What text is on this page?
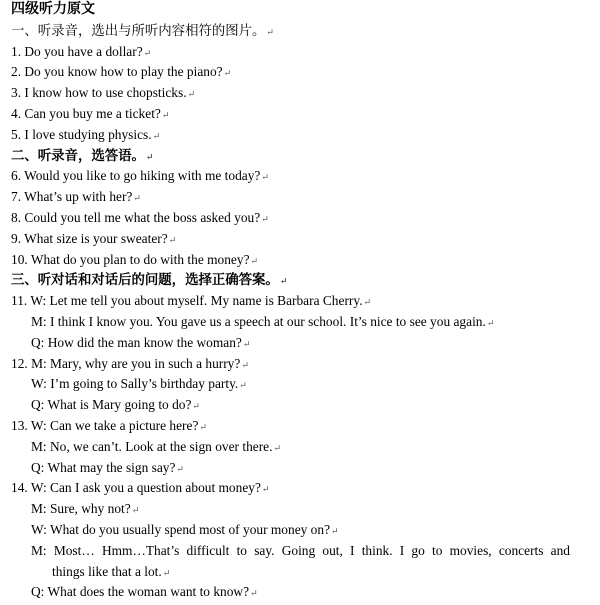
四级听力原文
一、听录音，选出与所听内容相符的图片。↵
1. Do you have a dollar?↵
2. Do you know how to play the piano?↵
3. I know how to use chopsticks.↵
4. Can you buy me a ticket?↵
5. I love studying physics.↵
二、听录音，选答语。↵
6. Would you like to go hiking with me today?↵
7. What’s up with her?↵
8. Could you tell me what the boss asked you?↵
9. What size is your sweater?↵
10. What do you plan to do with the money?↵
三、听对话和对话后的问题，选择正确答案。↵
11. W: Let me tell you about myself. My name is Barbara Cherry.↵
M: I think I know you. You gave us a speech at our school. It’s nice to see you again.↵
Q: How did the man know the woman?↵
12. M: Mary, why are you in such a hurry?↵
W: I’m going to Sally’s birthday party.↵
Q: What is Mary going to do?↵
13. W: Can we take a picture here?↵
M: No, we can’t. Look at the sign over there.↵
Q: What may the sign say?↵
14. W: Can I ask you a question about money?↵
M: Sure, why not?↵
W: What do you usually spend most of your money on?↵
M: Most… Hmm…That’s difficult to say. Going out, I think. I go to movies, concerts and
things like that a lot.↵
Q: What does the woman want to know?↵
